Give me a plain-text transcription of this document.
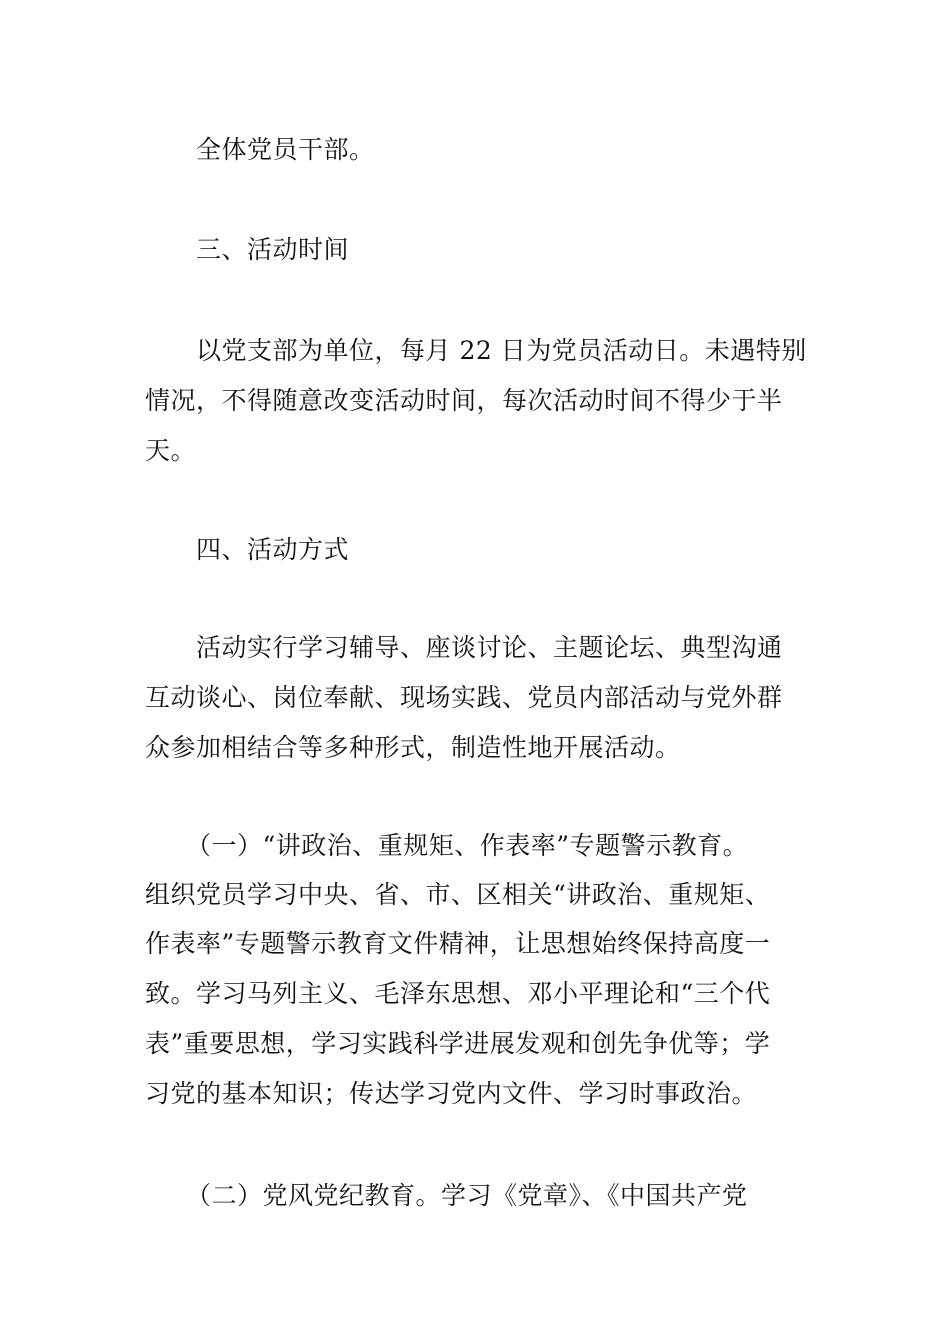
全体党员干部。
三、活动时间
以党支部为单位，每月 22 日为党员活动日。未遇特别
情况，不得随意改变活动时间，每次活动时间不得少于半
天。
四、活动方式
活动实行学习辅导、座谈讨论、主题论坛、典型沟通
互动谈心、岗位奉献、现场实践、党员内部活动与党外群
众参加相结合等多种形式，制造性地开展活动。
（一）“讲政治、重规矩、作表率”专题警示教育。
组织党员学习中央、省、市、区相关“讲政治、重规矩、
作表率”专题警示教育文件精神，让思想始终保持高度一
致。学习马列主义、毛泽东思想、邓小平理论和“三个代
表”重要思想，学习实践科学进展发观和创先争优等；学
习党的基本知识；传达学习党内文件、学习时事政治。
（二）党风党纪教育。学习《党章》、《中国共产党
